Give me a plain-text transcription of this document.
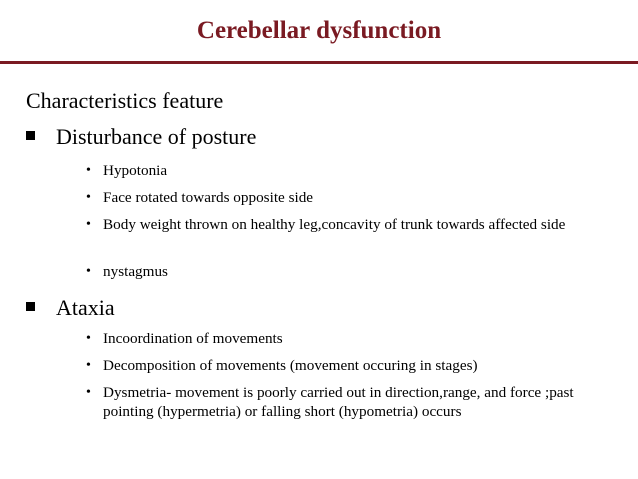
Cerebellar dysfunction
Characteristics feature
Disturbance of posture
• Hypotonia
• Face rotated towards opposite side
• Body weight thrown on healthy leg,concavity of trunk towards affected side
• nystagmus
Ataxia
• Incoordination of movements
• Decomposition of movements (movement occuring in stages)
• Dysmetria- movement is poorly carried out in direction,range, and force ;past pointing (hypermetria) or falling short (hypometria) occurs
